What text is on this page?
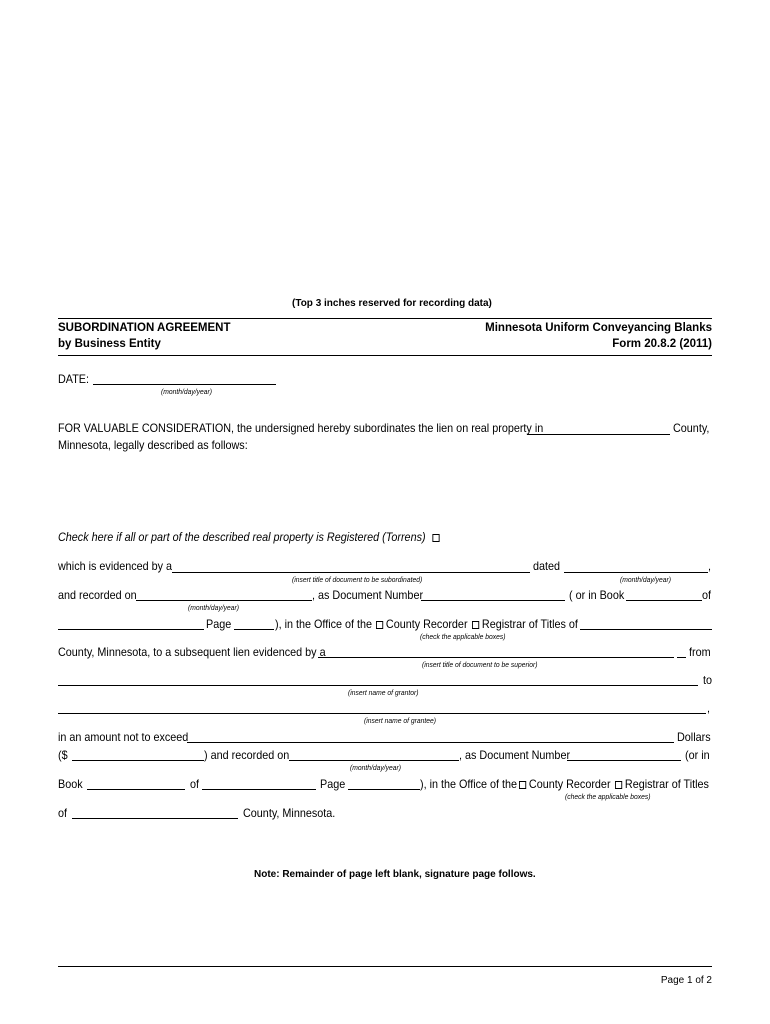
(Top 3 inches reserved for recording data)
SUBORDINATION AGREEMENT
by Business Entity
Minnesota Uniform Conveyancing Blanks
Form 20.8.2 (2011)
DATE:
(month/day/year)
FOR VALUABLE CONSIDERATION, the undersigned hereby subordinates the lien on real property in	County,
Minnesota, legally described as follows:
Check here if all or part of the described real property is Registered (Torrens)
which is evidenced by a	dated	,
(insert title of document to be subordinated)	(month/day/year)
and recorded on	, as Document Number	( or in Book	of
(month/day/year)
Page	), in the Office of the	County Recorder	Registrar of Titles of
(check the applicable boxes)
County, Minnesota, to a subsequent lien evidenced by a	from
(insert title of document to be superior)
to
(insert name of grantor)
,
(insert name of grantee)
in an amount not to exceed	Dollars
($	) and recorded on	, as Document Number	(or in
(month/day/year)
Book	of	Page	), in the Office of the County Recorder	Registrar of Titles
(check the applicable boxes)
of	County, Minnesota.
Note: Remainder of page left blank, signature page follows.
Page 1 of 2
